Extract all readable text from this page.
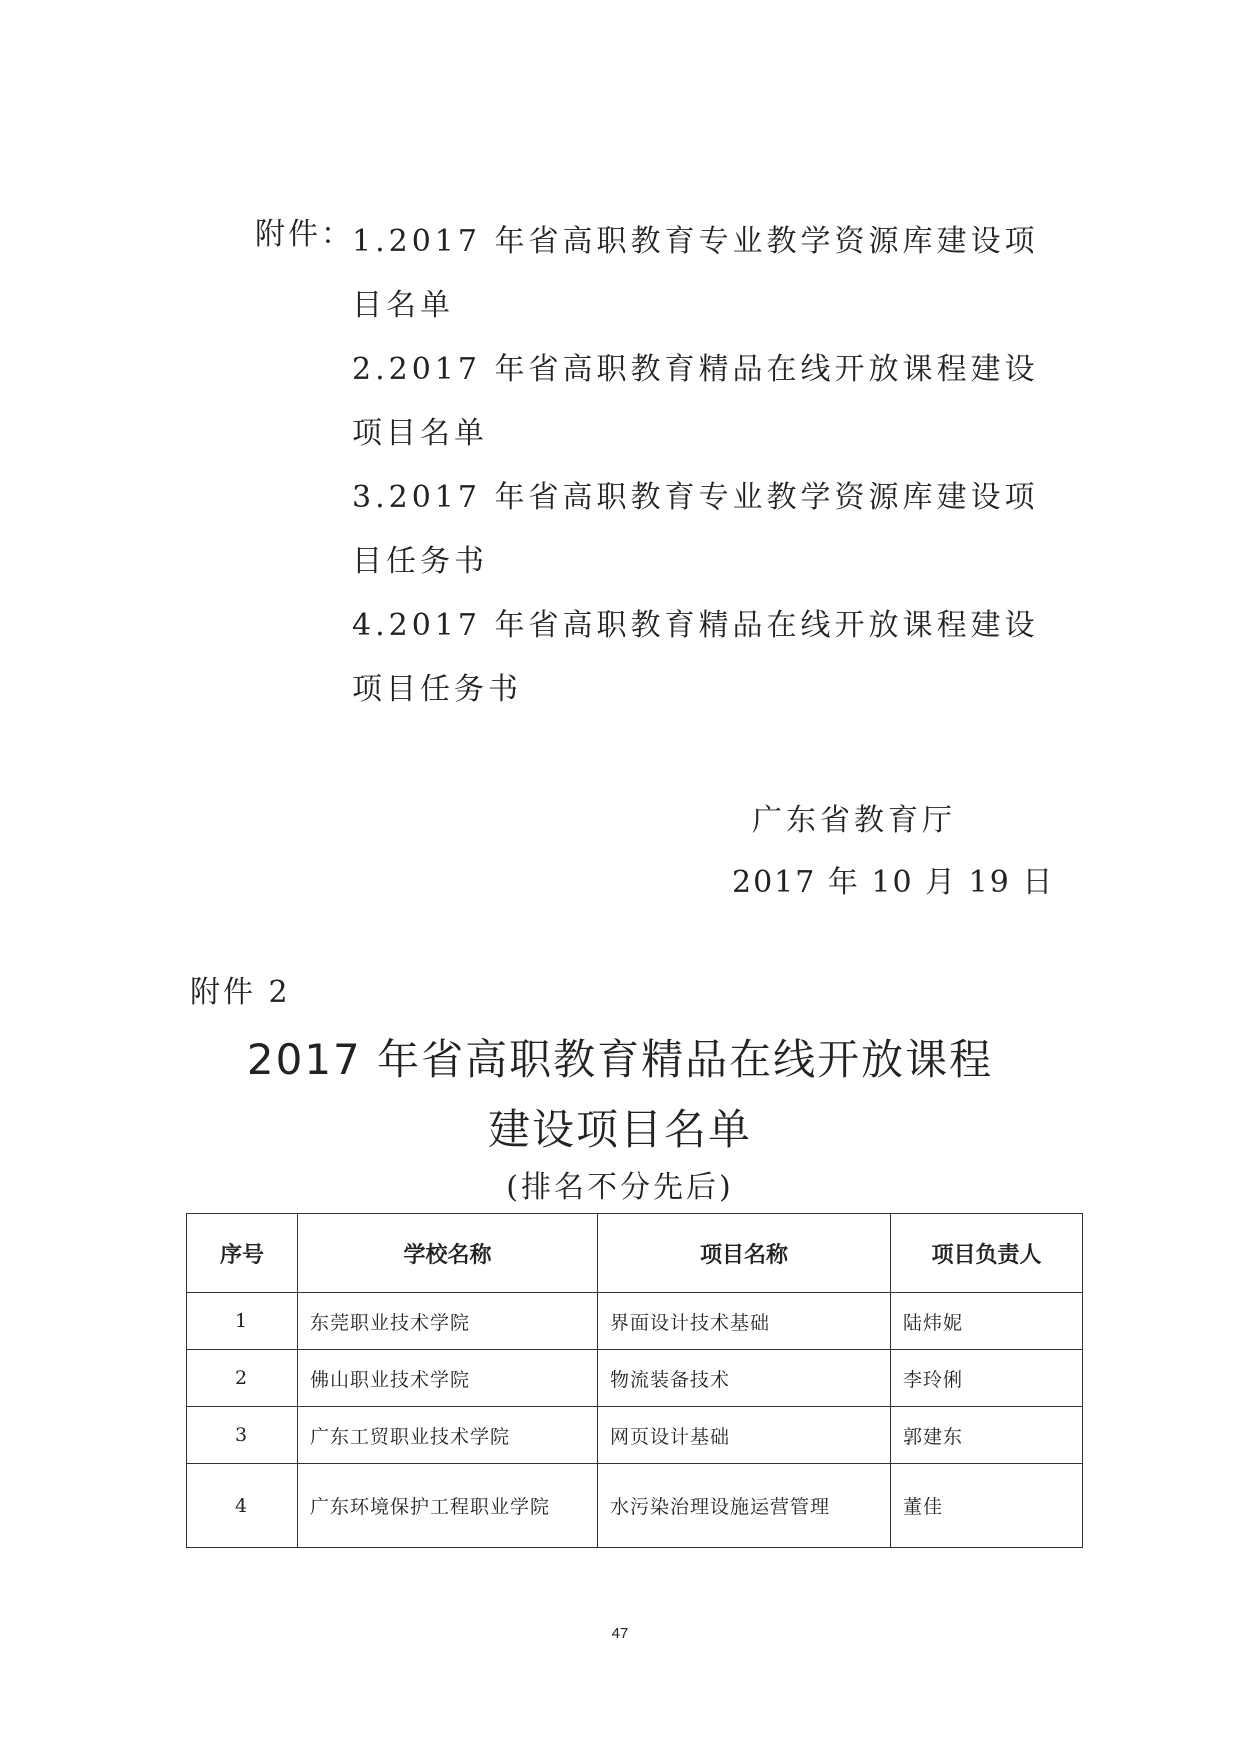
附件：
1.2017 年省高职教育专业教学资源库建设项目名单
2.2017 年省高职教育精品在线开放课程建设项目名单
3.2017 年省高职教育专业教学资源库建设项目任务书
4.2017 年省高职教育精品在线开放课程建设项目任务书
广东省教育厅
2017 年 10 月 19 日
附件 2
2017 年省高职教育精品在线开放课程
建设项目名单
(排名不分先后)
序号	学校名称	项目名称	项目负责人
1	东莞职业技术学院	界面设计技术基础	陆炜妮
2	佛山职业技术学院	物流装备技术	李玲俐
3	广东工贸职业技术学院	网页设计基础	郭建东
4	广东环境保护工程职业学院	水污染治理设施运营管理	董佳
47
